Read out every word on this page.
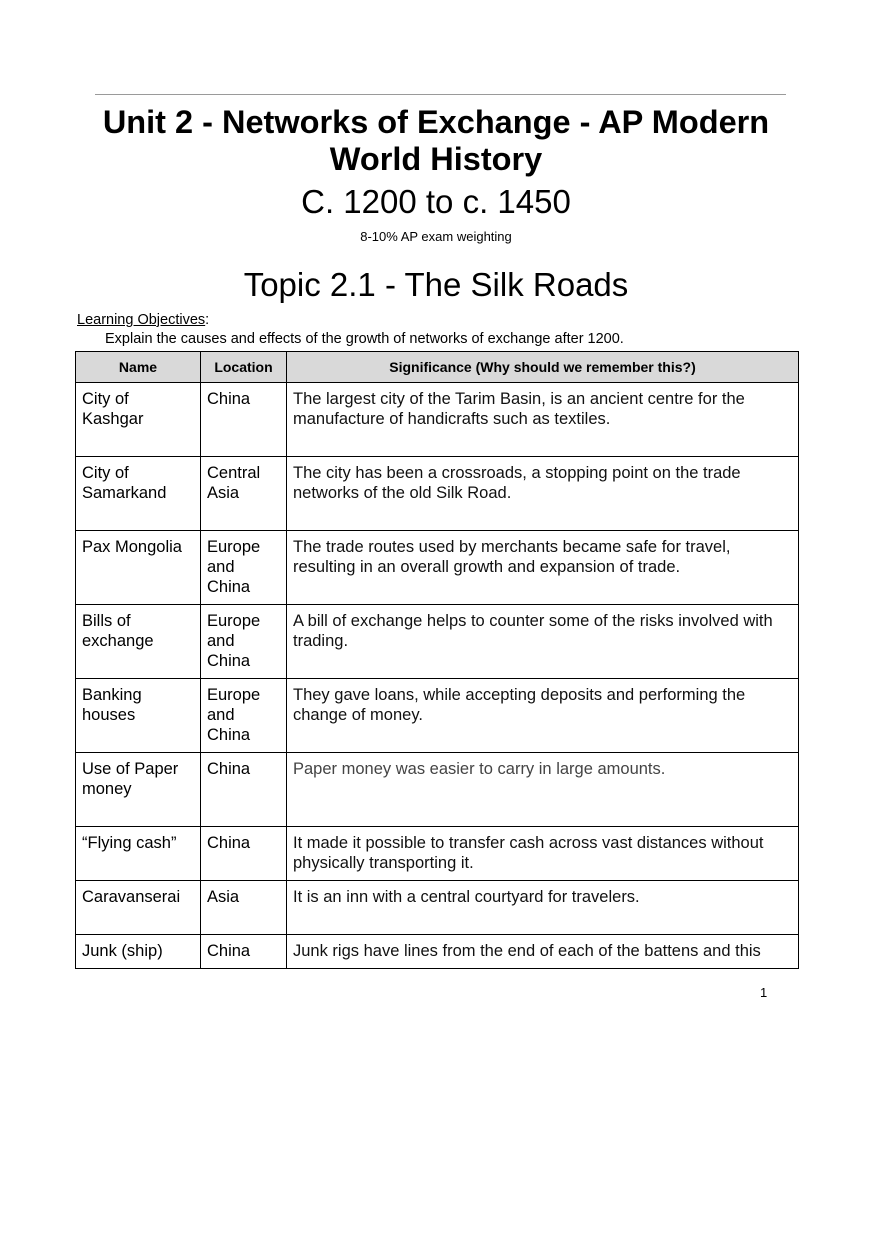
Unit 2 - Networks of Exchange - AP Modern World History
C. 1200 to c. 1450
8-10% AP exam weighting
Topic 2.1 - The Silk Roads
Learning Objectives:
Explain the causes and effects of the growth of networks of exchange after 1200.
Name	Location	Significance (Why should we remember this?)

City of Kashgar	China	The largest city of the Tarim Basin, is an ancient centre for the manufacture of handicrafts such as textiles.

City of Samarkand	Central Asia	The city has been a crossroads, a stopping point on the trade networks of the old Silk Road.

Pax Mongolia	Europe and China	The trade routes used by merchants became safe for travel, resulting in an overall growth and expansion of trade.

Bills of exchange	Europe and China	A bill of exchange helps to counter some of the risks involved with trading.

Banking houses	Europe and China	They gave loans, while accepting deposits and performing the change of money.

Use of Paper money	China	Paper money was easier to carry in large amounts.

“Flying cash”	China	It made it possible to transfer cash across vast distances without physically transporting it.

Caravanserai	Asia	It is an inn with a central courtyard for travelers.

Junk (ship)	China	Junk rigs have lines from the end of each of the battens and this
1
